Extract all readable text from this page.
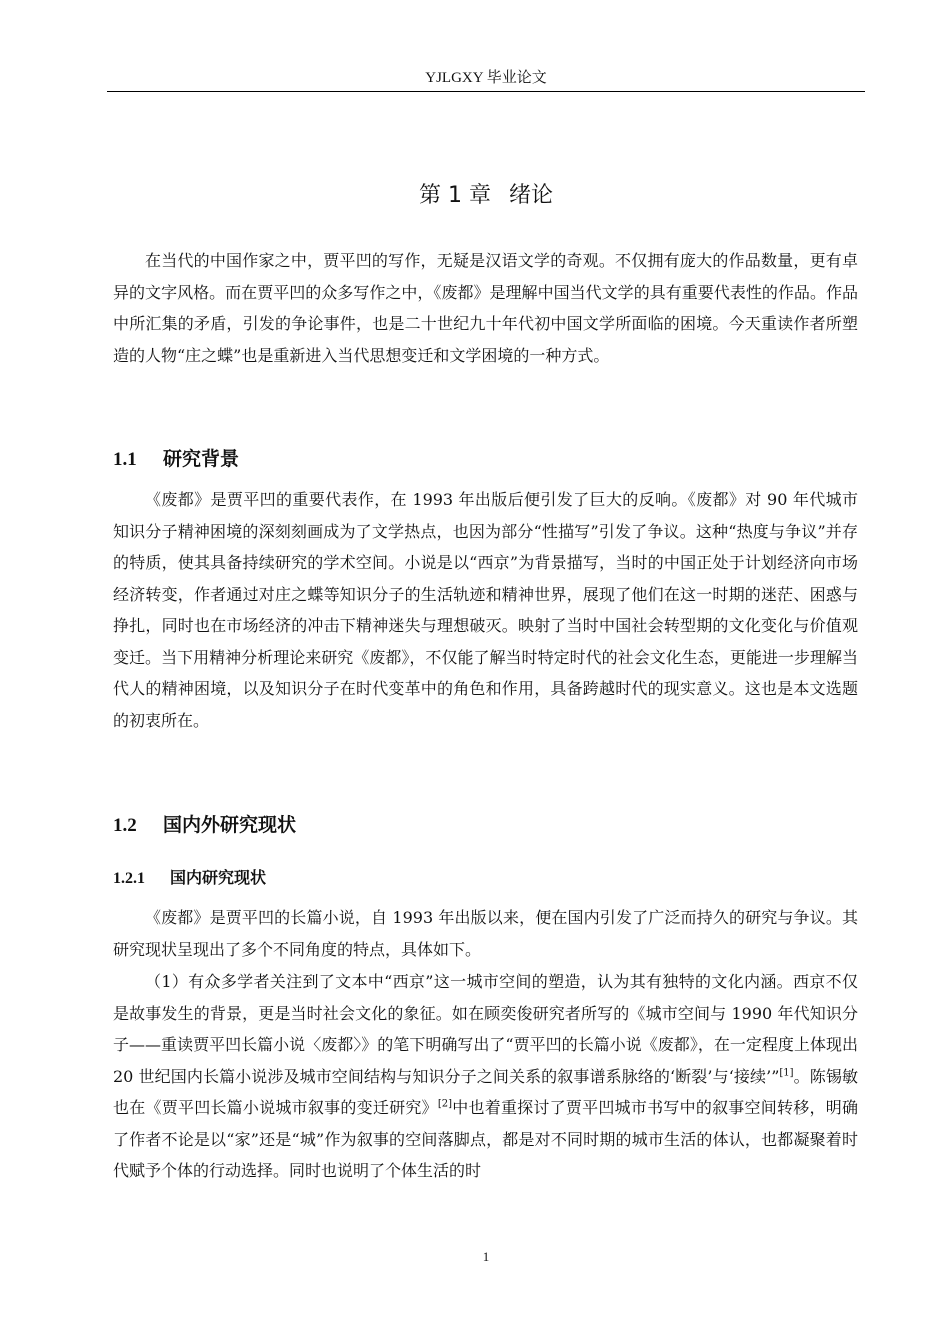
YJLGXY 毕业论文
第 1 章 绪论

在当代的中国作家之中，贾平凹的写作，无疑是汉语文学的奇观。不仅拥有庞大的作品数量，更有卓异的文字风格。而在贾平凹的众多写作之中，《废都》是理解中国当代文学的具有重要代表性的作品。作品中所汇集的矛盾，引发的争论事件，也是二十世纪九十年代初中国文学所面临的困境。今天重读作者所塑造的人物“庄之蝶”也是重新进入当代思想变迁和文学困境的一种方式。

1.1 研究背景

《废都》是贾平凹的重要代表作，在 1993 年出版后便引发了巨大的反响。《废都》对 90 年代城市知识分子精神困境的深刻刻画成为了文学热点，也因为部分“性描写”引发了争议。这种“热度与争议”并存的特质，使其具备持续研究的学术空间。小说是以“西京”为背景描写，当时的中国正处于计划经济向市场经济转变，作者通过对庄之蝶等知识分子的生活轨迹和精神世界，展现了他们在这一时期的迷茫、困惑与挣扎，同时也在市场经济的冲击下精神迷失与理想破灭。映射了当时中国社会转型期的文化变化与价值观变迁。当下用精神分析理论来研究《废都》，不仅能了解当时特定时代的社会文化生态，更能进一步理解当代人的精神困境，以及知识分子在时代变革中的角色和作用，具备跨越时代的现实意义。这也是本文选题的初衷所在。

1.2 国内外研究现状
1.2.1 国内研究现状

《废都》是贾平凹的长篇小说，自 1993 年出版以来，便在国内引发了广泛而持久的研究与争议。其研究现状呈现出了多个不同角度的特点，具体如下。

（1）有众多学者关注到了文本中“西京”这一城市空间的塑造，认为其有独特的文化内涵。西京不仅是故事发生的背景，更是当时社会文化的象征。如在顾奕俊研究者所写的《城市空间与 1990 年代知识分子——重读贾平凹长篇小说〈废都〉》的笔下明确写出了“贾平凹的长篇小说《废都》，在一定程度上体现出 20 世纪国内长篇小说涉及城市空间结构与知识分子之间关系的叙事谱系脉络的‘断裂’与‘接续’”[1]。陈锡敏也在《贾平凹长篇小说城市叙事的变迁研究》[2]中也着重探讨了贾平凹城市书写中的叙事空间转移，明确了作者不论是以“家”还是“城”作为叙事的空间落脚点，都是对不同时期的城市生活的体认，也都凝聚着时代赋予个体的行动选择。同时也说明了个体生活的时

1
